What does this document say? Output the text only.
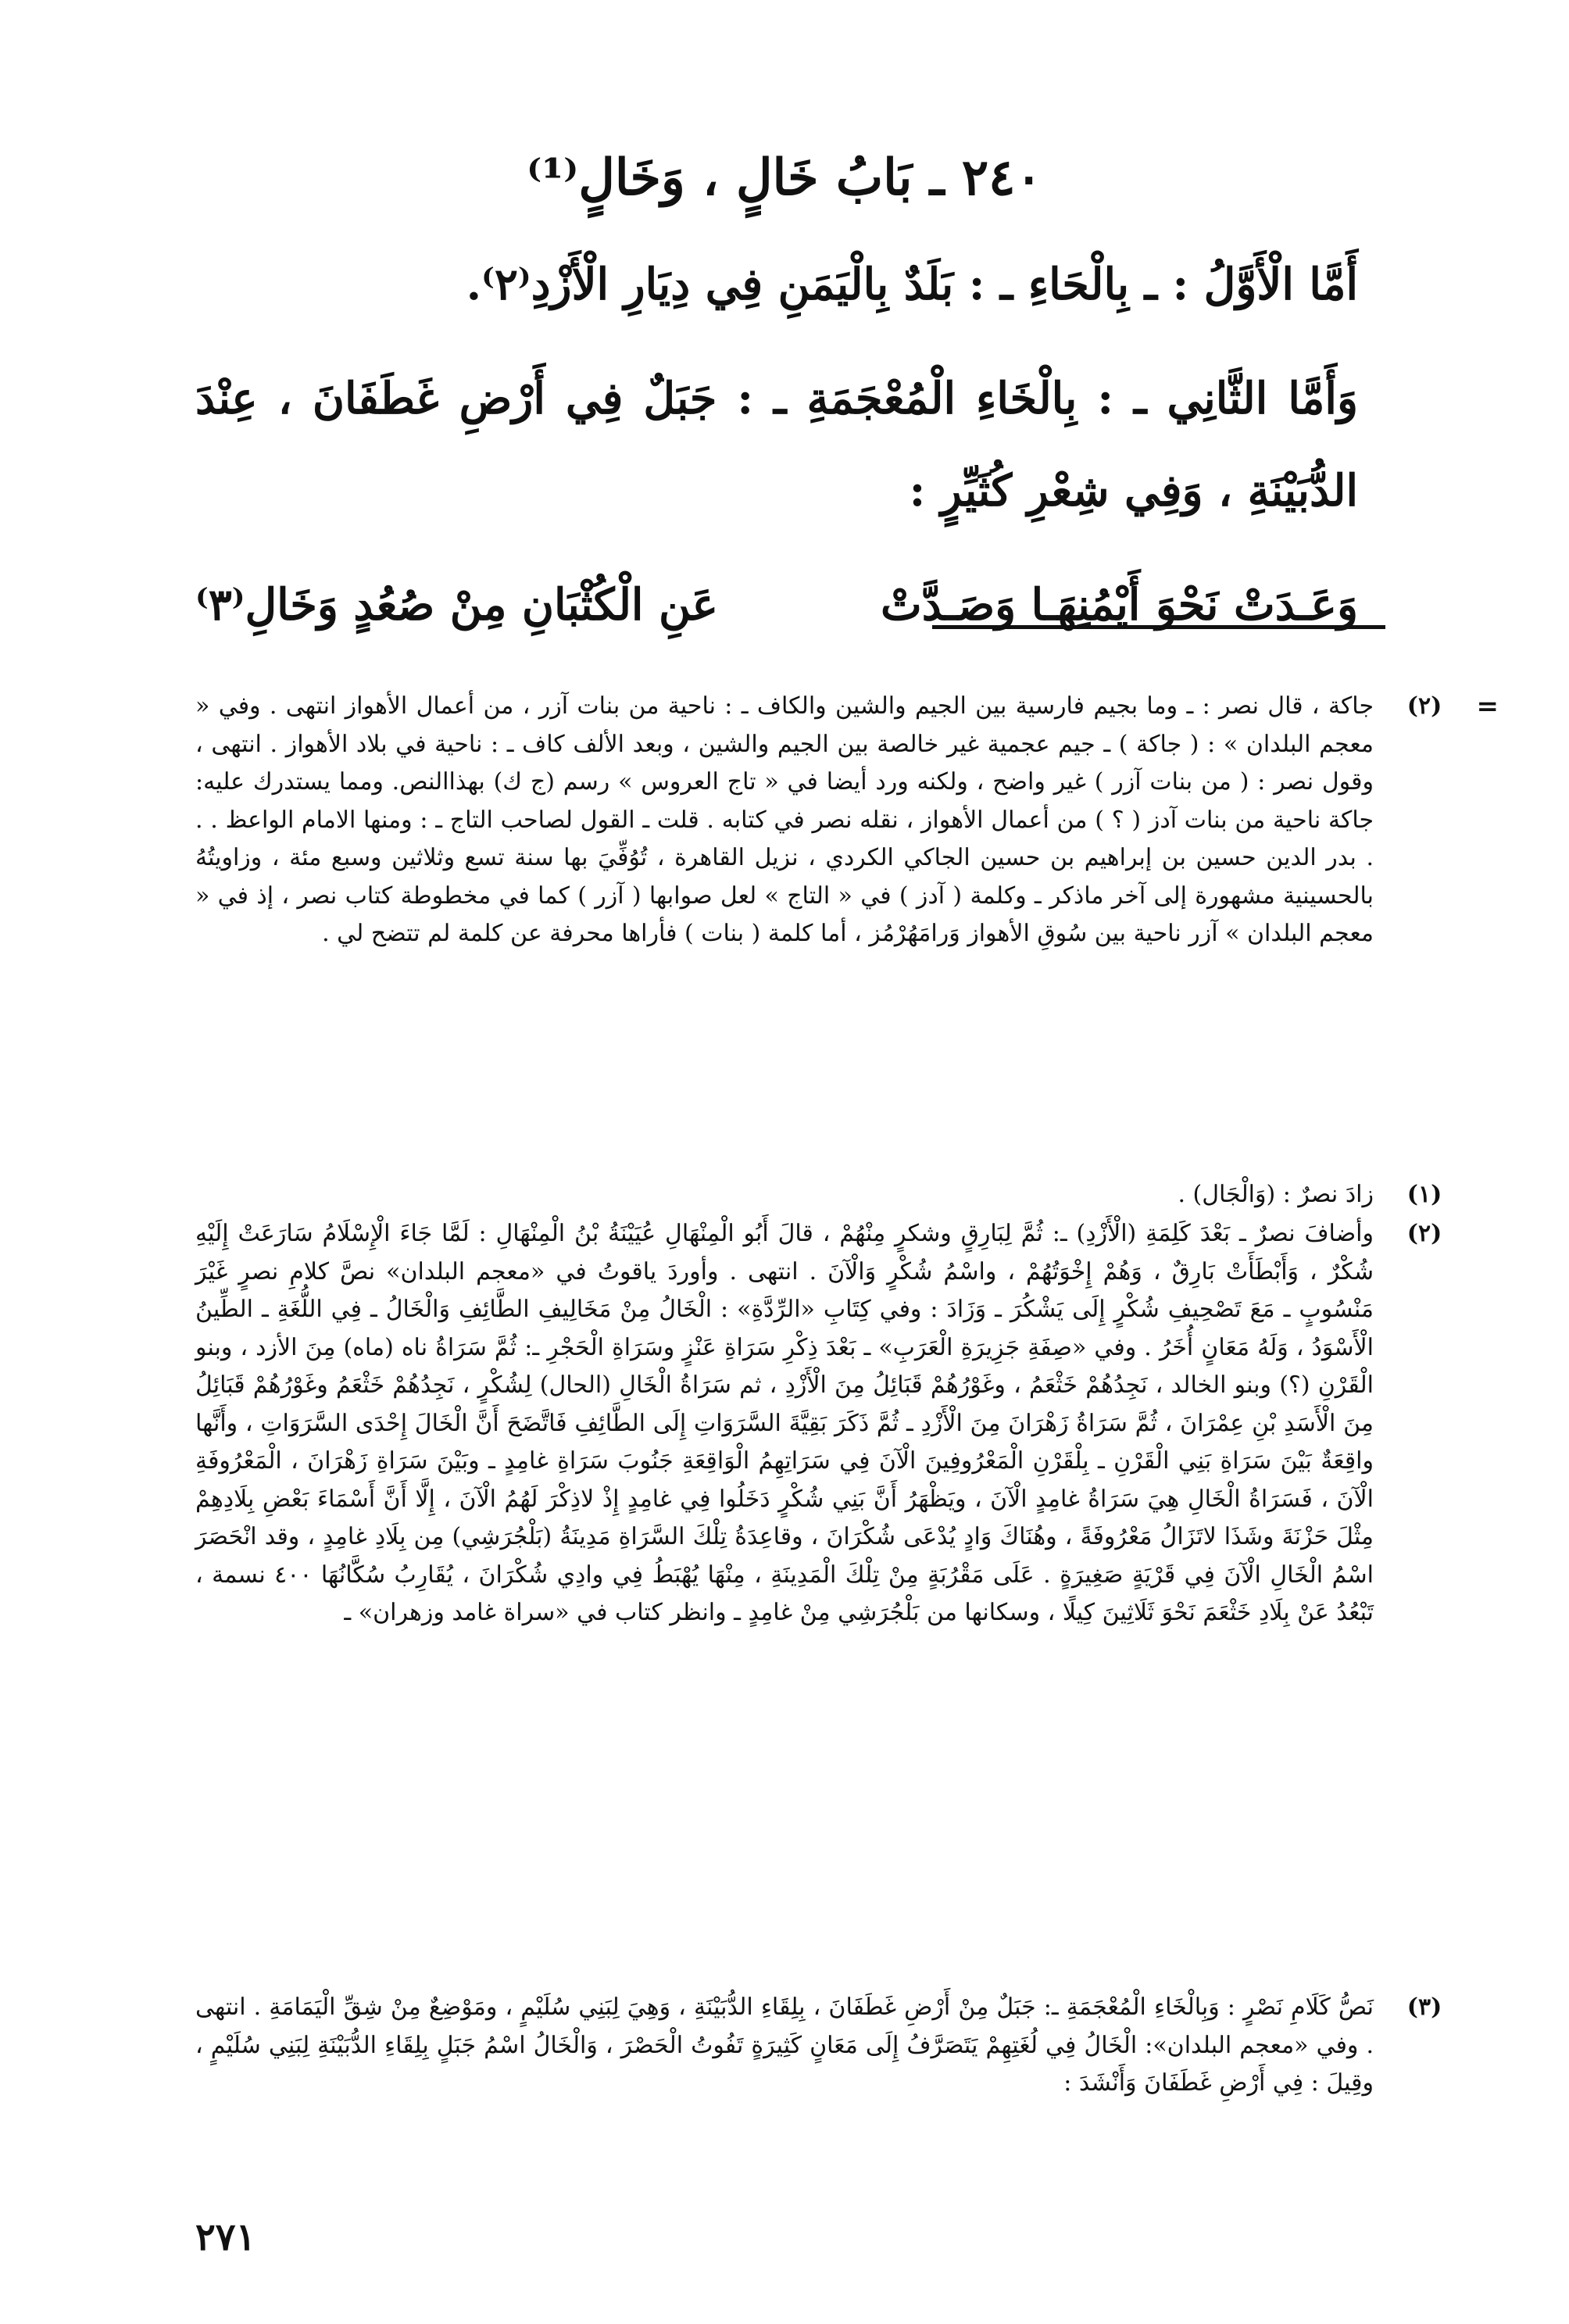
٢٤٠ ـ بَابُ خَالٍ ، وَخَالٍ⁽¹⁾

أَمَّا الْأَوَّلُ : ـ بِالْحَاءِ ـ : بَلَدٌ بِالْيَمَنِ فِي دِيَارِ الْأَزْدِ⁽٢⁾.

وَأَمَّا الثَّانِي ـ : بِالْخَاءِ الْمُعْجَمَةِ ـ : جَبَلٌ فِي أَرْضِ غَطَفَانَ ، عِنْدَ الدُّبَيْنَةِ ، وَفِي شِعْرِ كُثَيِّرٍ :

وَعَـدَتْ نَحْوَ أَيْمُنِهَـا وَصَـدَّتْ
عَنِ الْكُثْبَانِ مِنْ صُعُدٍ وَخَالِ⁽٣⁾
=
(٢)

جاكة ، قال نصر : ـ وما بجيم فارسية بين الجيم والشين والكاف ـ : ناحية من بنات آزر ، من أعمال الأهواز انتهى . وفي « معجم البلدان » : ( جاكة ) ـ جيم عجمية غير خالصة بين الجيم والشين ، وبعد الألف كاف ـ : ناحية في بلاد الأهواز . انتهى ، وقول نصر : ( من بنات آزر ) غير واضح ، ولكنه ورد أيضا في « تاج العروس » رسم (ج ك) بهذاالنص. ومما يستدرك عليه: جاكة ناحية من بنات آدز ( ؟ ) من أعمال الأهواز ، نقله نصر في كتابه . قلت ـ القول لصاحب التاج ـ : ومنها الامام الواعظ . . . بدر الدين حسين بن إبراهيم بن حسين الجاكي الكردي ، نزيل القاهرة ، تُوُفِّيَ بها سنة تسع وثلاثين وسبع مئة ، وزاويتُهُ بالحسينية مشهورة إلى آخر ماذكر ـ وكلمة ( آدز ) في « التاج » لعل صوابها ( آزر ) كما في مخطوطة كتاب نصر ، إذ في « معجم البلدان » آزر ناحية بين سُوقِ الأهواز وَرامَهُرْمُز ، أما كلمة ( بنات ) فأراها محرفة عن كلمة لم تتضح لي .

(١)

زادَ نصرٌ : (وَالْجَال) .

(٢)

وأضافَ نصرٌ ـ بَعْدَ كَلِمَةِ (الْأَزْدِ) ـ: ثُمَّ لِبَارِقٍ وشكرٍ مِنْهُمْ ، قالَ أَبُو الْمِنْهَالِ عُيَيْنَةُ بْنُ الْمِنْهَالِ : لَمَّا جَاءَ الْإِسْلَامُ سَارَعَتْ إِلَيْهِ شُكْرٌ ، وَأَبْطَأَتْ بَارِقٌ ، وَهُمْ إِخْوَتُهُمْ ، واسْمُ شُكْرٍ وَالْآنَ . انتهى . وأوردَ ياقوتُ في «معجم البلدان» نصَّ كلامِ نصرٍ غَيْرَ مَنْسُوبٍ ـ مَعَ تَصْحِيفِ شُكْرٍ إِلَى يَشْكُرَ ـ وَزَادَ : وفي كِتَابِ «الرِّدَّةِ» : الْخَالُ مِنْ مَخَالِيفِ الطَّائِفِ وَالْخَالُ ـ فِي اللُّغَةِ ـ الطِّينُ الْأَسْوَدُ ، وَلَهُ مَعَانٍ أُخَرُ . وفي «صِفَةِ جَزِيرَةِ الْعَرَبِ» ـ بَعْدَ ذِكْرِ سَرَاةِ عَنْزٍ وسَرَاةِ الْحَجْرِ ـ: ثُمَّ سَرَاةُ ناه (ماه) مِنَ الأزد ، وبنو الْقَرْنِ (؟) وبنو الخالد ، نَجِدُهُمْ خَثْعَمُ ، وغَوْرُهُمْ قَبَائِلُ مِنَ الْأَزْدِ ، ثم سَرَاةُ الْخَالِ (الحال) لِشُكْرٍ ، نَجِدُهُمْ خَثْعَمُ وغَوْرُهُمْ قَبَائِلُ مِنَ الْأَسَدِ بْنِ عِمْرَانَ ، ثُمَّ سَرَاةُ زَهْرَانَ مِنَ الْأَزْدِ ـ ثُمَّ ذَكَرَ بَقِيَّةَ السَّرَوَاتِ إِلَى الطَّائِفِ فَاتَّضَحَ أَنَّ الْخَالَ إِحْدَى السَّرَوَاتِ ، وأَنَّها واقِعَةٌ بَيْنَ سَرَاةِ بَنِي الْقَرْنِ ـ بِلْقَرْنِ الْمَعْرُوفِينَ الْآنَ فِي سَرَاتِهِمُ الْوَاقِعَةِ جَنُوبَ سَرَاةِ غامِدٍ ـ وبَيْنَ سَرَاةِ زَهْرَانَ ، الْمَعْرُوفَةِ الْآنَ ، فَسَرَاةُ الْخَالِ هِيَ سَرَاةُ غامِدٍ الْآنَ ، ويَظْهَرُ أَنَّ بَنِي شُكْرٍ دَخَلُوا فِي غامِدٍ إِذْ لاذِكْرَ لَهُمُ الْآنَ ، إِلَّا أَنَّ أَسْمَاءَ بَعْضِ بِلَادِهِمْ مِثْلَ حَزْنَةَ وشَذَا لاتَزَالُ مَعْرُوفَةً ، وهُنَاكَ وَادٍ يُدْعَى شُكْرَانَ ، وقاعِدَةُ تِلْكَ السَّرَاةِ مَدِينَةُ (بَلْجُرَشِي) مِن بِلَادِ غامِدٍ ، وقد انْحَصَرَ اسْمُ الْخَالِ الْآنَ فِي قَرْيَةٍ صَغِيرَةٍ . عَلَى مَقْرُبَةٍ مِنْ تِلْكَ الْمَدِينَةِ ، مِنْهَا يُهْبَطُ فِي وادِي شُكْرَانَ ، يُقَارِبُ سُكَّانُهَا ٤٠٠ نسمة ، تَبْعُدُ عَنْ بِلَادِ خَثْعَمَ نَحْوَ ثَلَاثِينَ كِيلًا ، وسكانها من بَلْجُرَشِي مِنْ غامِدٍ ـ وانظر كتاب في «سراة غامد وزهران» ـ

(٣)

نَصُّ كَلَامِ نَصْرٍ : وَبِالْخَاءِ الْمُعْجَمَةِ ـ: جَبَلٌ مِنْ أَرْضِ غَطَفَانَ ، بِلِقَاءِ الدُّبَيْنَةِ ، وَهِيَ لِبَنِي سُلَيْمٍ ، ومَوْضِعٌ مِنْ شِقِّ الْيَمَامَةِ . انتهى . وفي «معجم البلدان»: الْخَالُ فِي لُغَتِهِمْ يَتَصَرَّفُ إِلَى مَعَانٍ كَثِيرَةٍ تَفُوتُ الْحَصْرَ ، وَالْخَالُ اسْمُ جَبَلٍ بِلِقَاءِ الدُّبَيْنَةِ لِبَنِي سُلَيْمٍ ، وقِيلَ : فِي أَرْضِ غَطَفَانَ وَأَنْشَدَ :

٢٧١
